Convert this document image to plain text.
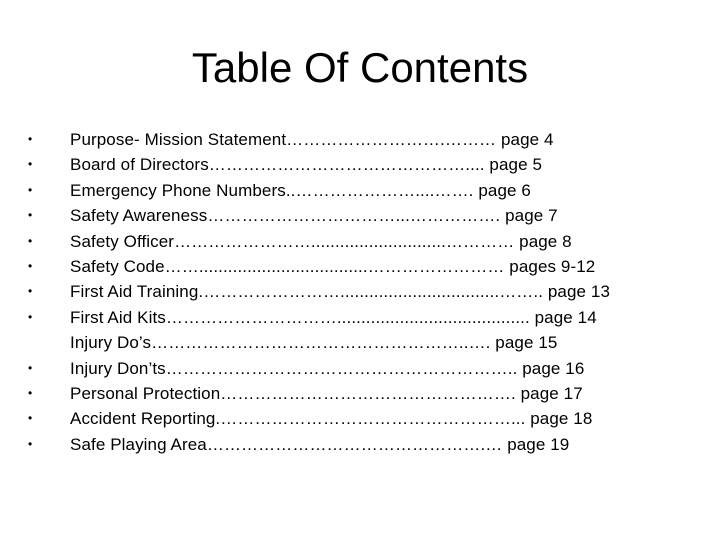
Table Of Contents
•	Purpose- Mission Statement……………………….……… page 4
•	Board of Directors……………………………………….... page 5
•	Emergency Phone Numbers..…………………....……. page 6
•	Safety Awareness……………………………...……………. page 7
•	Safety Officer……………………............................………… page 8
•	Safety Code……...................................…………………… pages 9-12
•	First Aid Training.…………………….................................…….. page 13
•	First Aid Kits…………………………........................................ page 14
Injury Do’s………………………………………………..…. page 15
•	Injury Don’ts…………………………………………………….. page 16
•	Personal Protection……………………………………………. page 17
•	Accident Reporting.……………………………………………... page 18
•	Safe Playing Area………………………………………….… page 19
